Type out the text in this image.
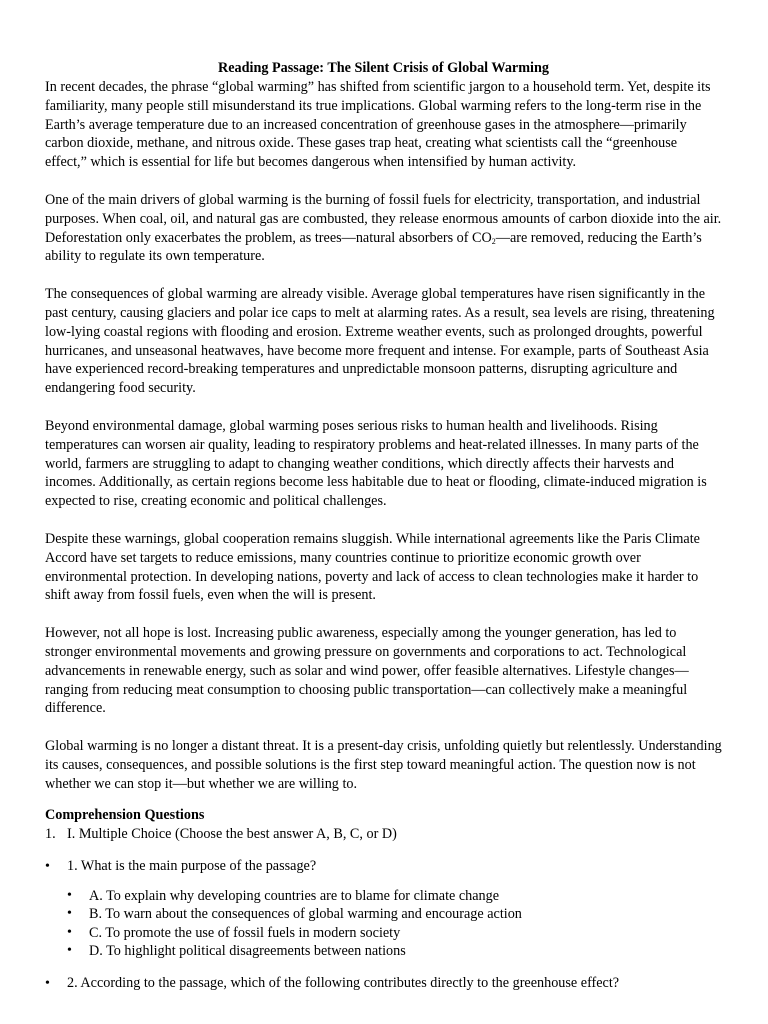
Reading Passage: The Silent Crisis of Global Warming

In recent decades, the phrase “global warming” has shifted from scientific jargon to a household term. Yet, despite its familiarity, many people still misunderstand its true implications. Global warming refers to the long-term rise in the Earth’s average temperature due to an increased concentration of greenhouse gases in the atmosphere—primarily carbon dioxide, methane, and nitrous oxide. These gases trap heat, creating what scientists call the “greenhouse effect,” which is essential for life but becomes dangerous when intensified by human activity.

One of the main drivers of global warming is the burning of fossil fuels for electricity, transportation, and industrial purposes. When coal, oil, and natural gas are combusted, they release enormous amounts of carbon dioxide into the air. Deforestation only exacerbates the problem, as trees—natural absorbers of $CO_2—are$ removed, reducing the Earth’s ability to regulate its own temperature.

The consequences of global warming are already visible. Average global temperatures have risen significantly in the past century, causing glaciers and polar ice caps to melt at alarming rates. As a result, sea levels are rising, threatening low-lying coastal regions with flooding and erosion. Extreme weather events, such as prolonged droughts, powerful hurricanes, and unseasonal heatwaves, have become more frequent and intense. For example, parts of Southeast Asia have experienced record-breaking temperatures and unpredictable monsoon patterns, disrupting agriculture and endangering food security.

Beyond environmental damage, global warming poses serious risks to human health and livelihoods. Rising temperatures can worsen air quality, leading to respiratory problems and heat-related illnesses. In many parts of the world, farmers are struggling to adapt to changing weather conditions, which directly affects their harvests and incomes. Additionally, as certain regions become less habitable due to heat or flooding, climate-induced migration is expected to rise, creating economic and political challenges.

Despite these warnings, global cooperation remains sluggish. While international agreements like the Paris Climate Accord have set targets to reduce emissions, many countries continue to prioritize economic growth over environmental protection. In developing nations, poverty and lack of access to clean technologies make it harder to shift away from fossil fuels, even when the will is present.

However, not all hope is lost. Increasing public awareness, especially among the younger generation, has led to stronger environmental movements and growing pressure on governments and corporations to act. Technological advancements in renewable energy, such as solar and wind power, offer feasible alternatives. Lifestyle changes—ranging from reducing meat consumption to choosing public transportation—can collectively make a meaningful difference.

Global warming is no longer a distant threat. It is a present-day crisis, unfolding quietly but relentlessly. Understanding its causes, consequences, and possible solutions is the first step toward meaningful action. The question now is not whether we can stop it—but whether we are willing to.

Comprehension Questions
1. I. Multiple Choice (Choose the best answer A, B, C, or D)
•	1. What is the main purpose of the passage?
•	A. To explain why developing countries are to blame for climate change
•	B. To warn about the consequences of global warming and encourage action
•	C. To promote the use of fossil fuels in modern society
•	D. To highlight political disagreements between nations
•	2. According to the passage, which of the following contributes directly to the greenhouse effect?
